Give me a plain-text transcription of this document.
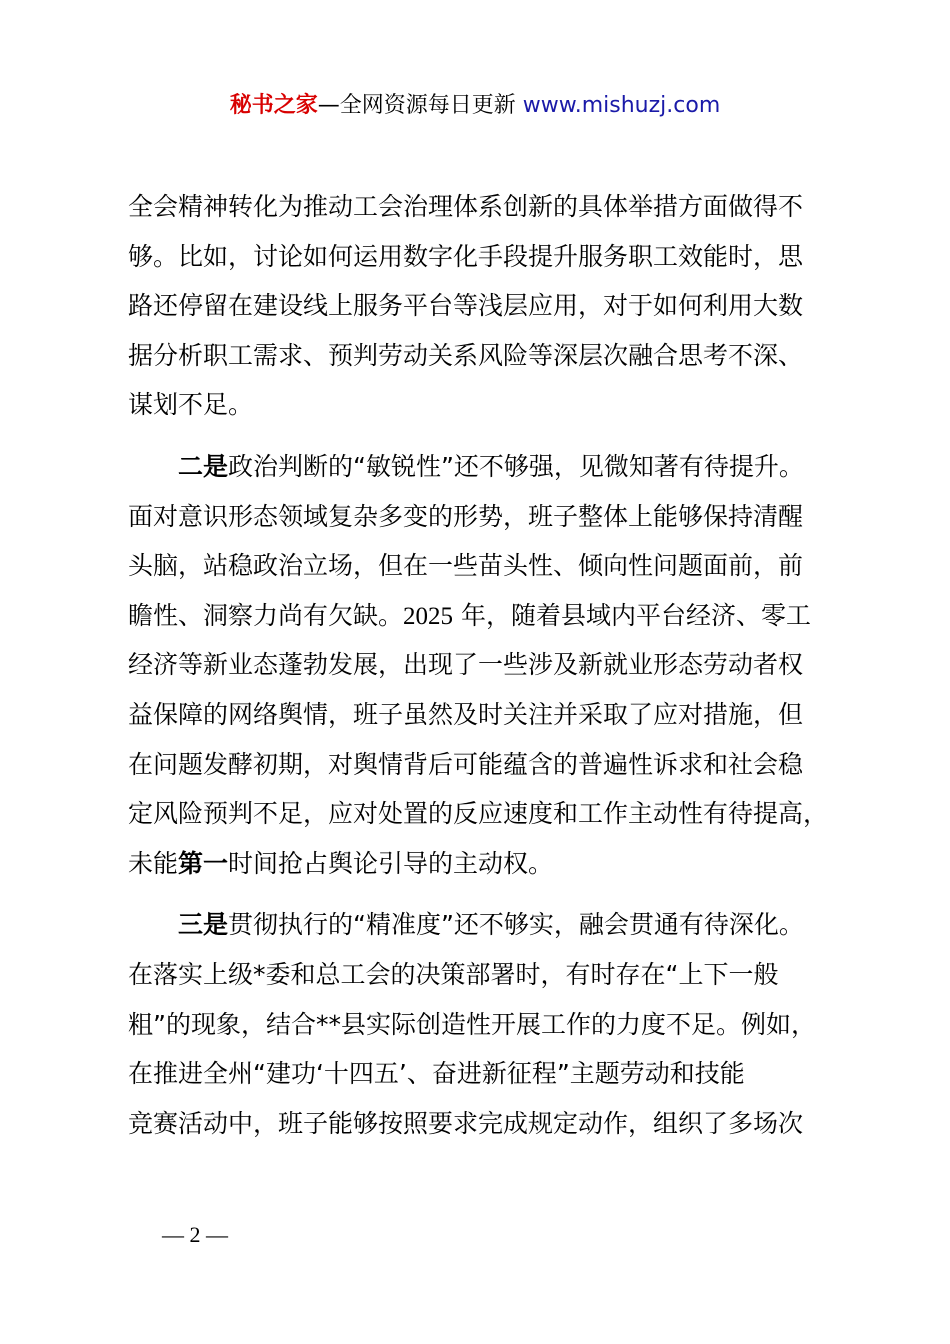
秘书之家—全网资源每日更新 www.mishuzj.com
全会精神转化为推动工会治理体系创新的具体举措方面做得不
够。比如，讨论如何运用数字化手段提升服务职工效能时，思
路还停留在建设线上服务平台等浅层应用，对于如何利用大数
据分析职工需求、预判劳动关系风险等深层次融合思考不深、
谋划不足。
二是政治判断的“敏锐性”还不够强，见微知著有待提升。
面对意识形态领域复杂多变的形势，班子整体上能够保持清醒
头脑，站稳政治立场，但在一些苗头性、倾向性问题面前，前
瞻性、洞察力尚有欠缺。2025 年，随着县域内平台经济、零工
经济等新业态蓬勃发展，出现了一些涉及新就业形态劳动者权
益保障的网络舆情，班子虽然及时关注并采取了应对措施，但
在问题发酵初期，对舆情背后可能蕴含的普遍性诉求和社会稳
定风险预判不足，应对处置的反应速度和工作主动性有待提高，
未能第一时间抢占舆论引导的主动权。
三是贯彻执行的“精准度”还不够实，融会贯通有待深化。
在落实上级*委和总工会的决策部署时，有时存在“上下一般
粗”的现象，结合**县实际创造性开展工作的力度不足。例如，
在推进全州“建功‘十四五’、奋进新征程”主题劳动和技能
竞赛活动中，班子能够按照要求完成规定动作，组织了多场次
— 2 —
